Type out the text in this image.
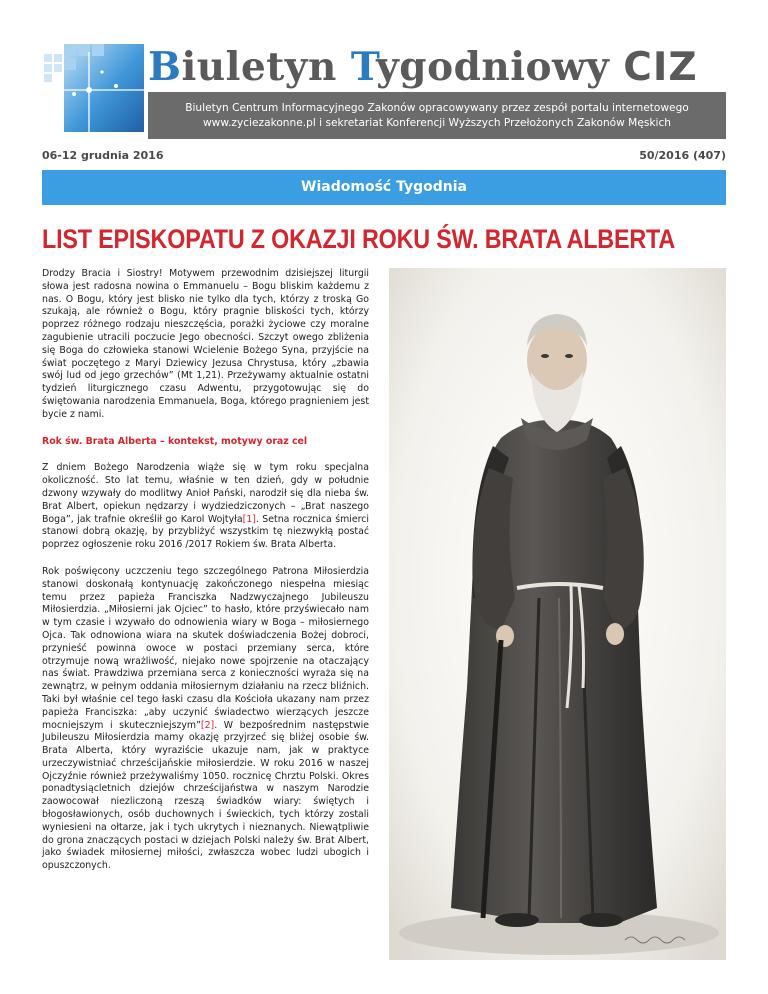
Biuletyn Tygodniowy CIZ
Biuletyn Centrum Informacyjnego Zakonów opracowywany przez zespół portalu internetowego
www.zyciezakonne.pl i sekretariat Konferencji Wyższych Przełożonych Zakonów Męskich
06-12 grudnia 2016	50/2016 (407)
Wiadomość Tygodnia
LIST EPISKOPATU Z OKAZJI ROKU ŚW. BRATA ALBERTA

Drodzy Bracia i Siostry! Motywem przewodnim dzisiejszej liturgii słowa jest radosna nowina o Emmanuelu – Bogu bliskim każdemu z nas. O Bogu, który jest blisko nie tylko dla tych, którzy z troską Go szukają, ale również o Bogu, który pragnie bliskości tych, którzy poprzez różnego rodzaju nieszczęścia, porażki życiowe czy moralne zagubienie utracili poczucie Jego obecności. Szczyt owego zbliżenia się Boga do człowieka stanowi Wcielenie Bożego Syna, przyjście na świat poczętego z Maryi Dziewicy Jezusa Chrystusa, który „zbawia swój lud od jego grzechów” (Mt 1,21). Przeżywamy aktualnie ostatni tydzień liturgicznego czasu Adwentu, przygotowując się do świętowania narodzenia Emmanuela, Boga, którego pragnieniem jest bycie z nami.

Rok św. Brata Alberta – kontekst, motywy oraz cel

Z dniem Bożego Narodzenia wiąże się w tym roku specjalna okoliczność. Sto lat temu, właśnie w ten dzień, gdy w południe dzwony wzywały do modlitwy Anioł Pański, narodził się dla nieba św. Brat Albert, opiekun nędzarzy i wydziedziczonych – „Brat naszego Boga”, jak trafnie określił go Karol Wojtyła[1]. Setna rocznica śmierci stanowi dobrą okazję, by przybliżyć wszystkim tę niezwykłą postać poprzez ogłoszenie roku 2016 /2017 Rokiem św. Brata Alberta.

Rok poświęcony uczczeniu tego szczególnego Patrona Miłosierdzia stanowi doskonałą kontynuację zakończonego niespełna miesiąc temu przez papieża Franciszka Nadzwyczajnego Jubileuszu Miłosierdzia. „Miłosierni jak Ojciec” to hasło, które przyświecało nam w tym czasie i wzywało do odnowienia wiary w Boga – miłosiernego Ojca. Tak odnowiona wiara na skutek doświadczenia Bożej dobroci, przynieść powinna owoce w postaci przemiany serca, które otrzymuje nową wrażliwość, niejako nowe spojrzenie na otaczający nas świat. Prawdziwa przemiana serca z konieczności wyraża się na zewnątrz, w pełnym oddania miłosiernym działaniu na rzecz bliźnich. Taki był właśnie cel tego łaski czasu dla Kościoła ukazany nam przez papieża Franciszka: „aby uczynić świadectwo wierzących jeszcze mocniejszym i skuteczniejszym”[2]. W bezpośrednim następstwie Jubileuszu Miłosierdzia mamy okazję przyjrzeć się bliżej osobie św. Brata Alberta, który wyraziście ukazuje nam, jak w praktyce urzeczywistniać chrześcijańskie miłosierdzie. W roku 2016 w naszej Ojczyźnie również przeżywaliśmy 1050. rocznicę Chrztu Polski. Okres ponadtysiącletnich dziejów chrześcijaństwa w naszym Narodzie zaowocował niezliczoną rzeszą świadków wiary: świętych i błogosławionych, osób duchownych i świeckich, tych którzy zostali wyniesieni na ołtarze, jak i tych ukrytych i nieznanych. Niewątpliwie do grona znaczących postaci w dziejach Polski należy św. Brat Albert, jako świadek miłosiernej miłości, zwłaszcza wobec ludzi ubogich i opuszczonych.
